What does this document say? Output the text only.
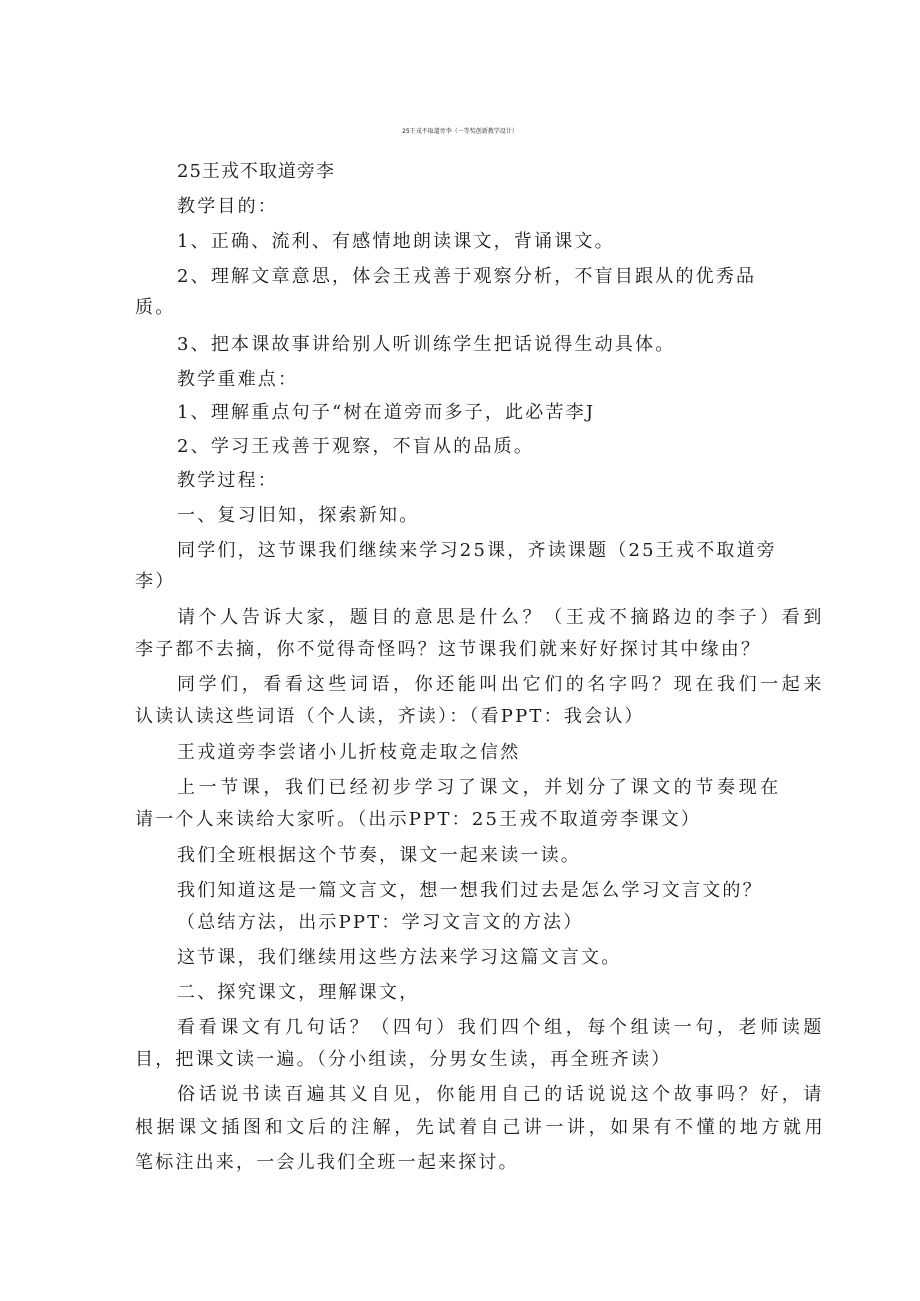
25王戎不取道旁李（一等奖创新教学设计）
25王戎不取道旁李
教学目的：
1、正确、流利、有感情地朗读课文，背诵课文。
2、理解文章意思，体会王戎善于观察分析，不盲目跟从的优秀品
质。
3、把本课故事讲给别人听训练学生把话说得生动具体。
教学重难点：
1、理解重点句子“树在道旁而多子，此必苦李J
2、学习王戎善于观察，不盲从的品质。
教学过程：
一、复习旧知，探索新知。
同学们，这节课我们继续来学习25课，齐读课题（25王戎不取道旁
李）
请个人告诉大家，题目的意思是什么？（王戎不摘路边的李子）看到
李子都不去摘，你不觉得奇怪吗？这节课我们就来好好探讨其中缘由？
同学们，看看这些词语，你还能叫出它们的名字吗？现在我们一起来
认读认读这些词语（个人读，齐读）：（看PPT：我会认）
王戎道旁李尝诸小儿折枝竟走取之信然
上一节课，我们已经初步学习了课文，并划分了课文的节奏现在
请一个人来读给大家听。（出示PPT：25王戎不取道旁李课文）
我们全班根据这个节奏，课文一起来读一读。
我们知道这是一篇文言文，想一想我们过去是怎么学习文言文的？
（总结方法，出示PPT：学习文言文的方法）
这节课，我们继续用这些方法来学习这篇文言文。
二、探究课文，理解课文，
看看课文有几句话？（四句）我们四个组，每个组读一句，老师读题
目，把课文读一遍。（分小组读，分男女生读，再全班齐读）
俗话说书读百遍其义自见，你能用自己的话说说这个故事吗？好，请
根据课文插图和文后的注解，先试着自己讲一讲，如果有不懂的地方就用
笔标注出来，一会儿我们全班一起来探讨。
